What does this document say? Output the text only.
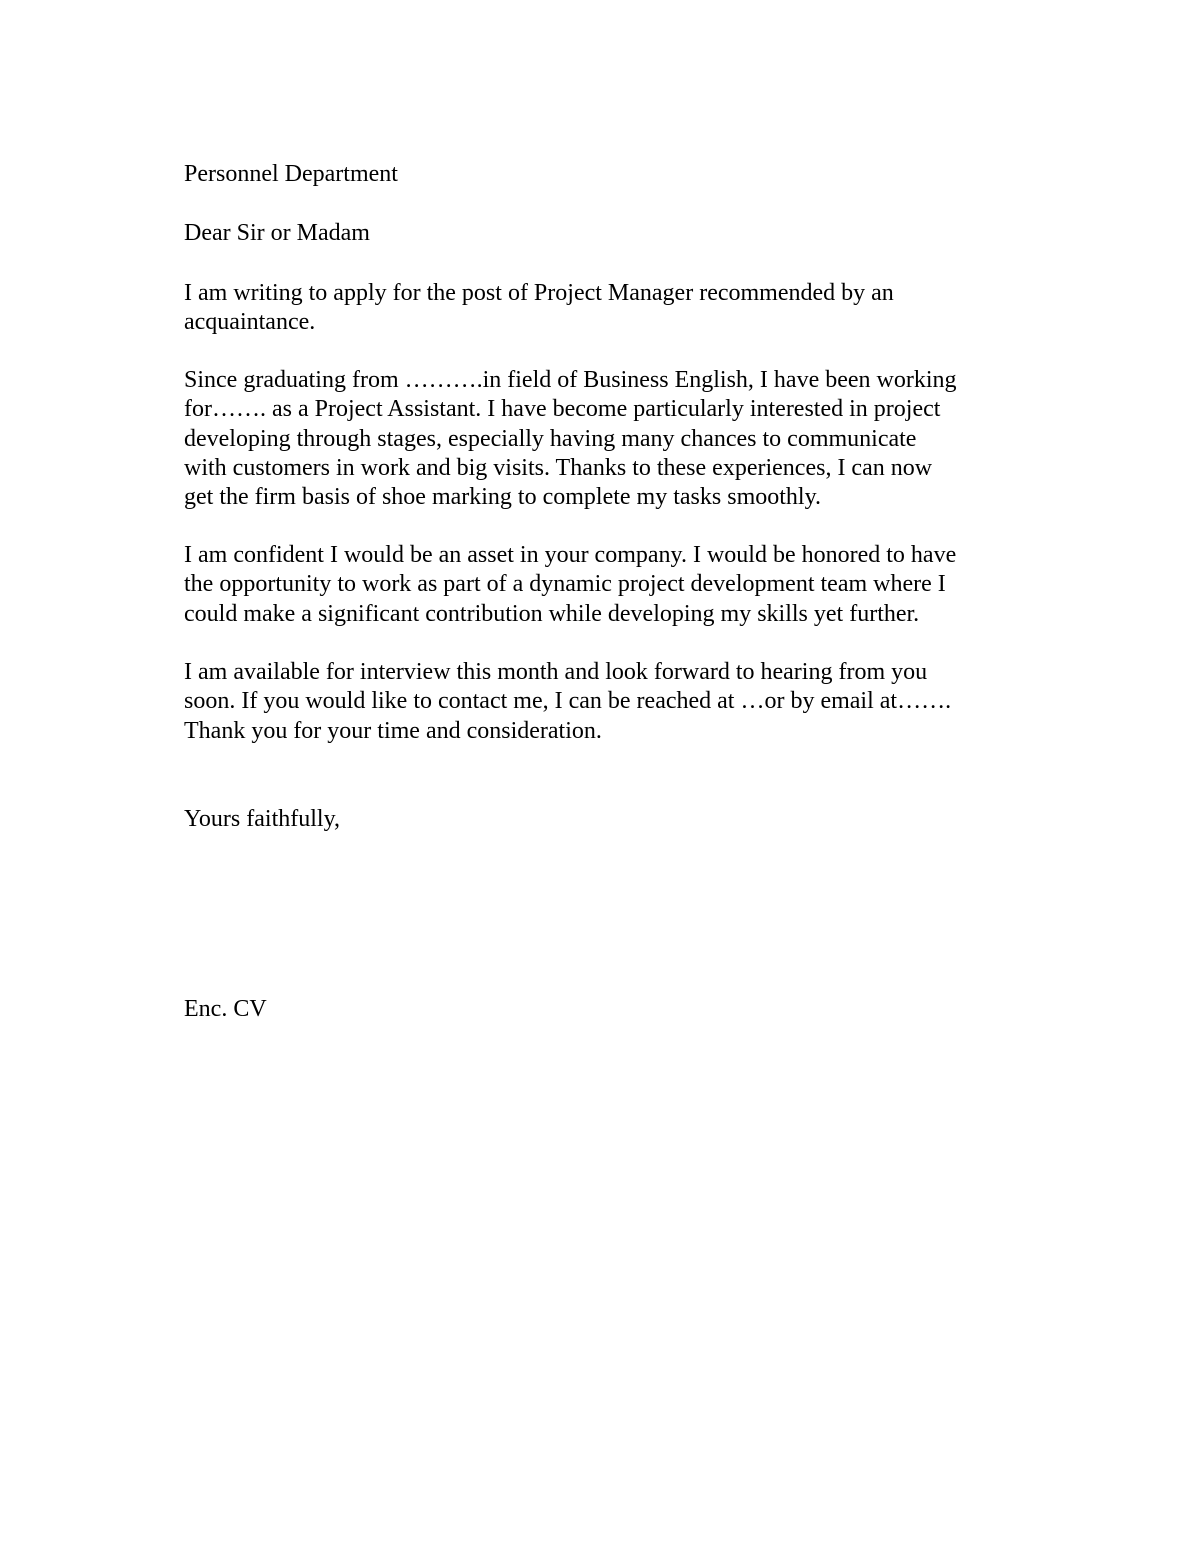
Personnel Department

Dear Sir or Madam

I am writing to apply for the post of Project Manager recommended by an
acquaintance.
Since graduating from ……….in field of Business English, I have been working
for……. as a Project Assistant. I have become particularly interested in project
developing through stages, especially having many chances to communicate
with customers in work and big visits. Thanks to these experiences, I can now
get the firm basis of shoe marking to complete my tasks smoothly.
I am confident I would be an asset in your company. I would be honored to have
the opportunity to work as part of a dynamic project development team where I
could make a significant contribution while developing my skills yet further.
I am available for interview this month and look forward to hearing from you
soon. If you would like to contact me, I can be reached at …or by email at…….
Thank you for your time and consideration.

Yours faithfully,

Enc. CV
